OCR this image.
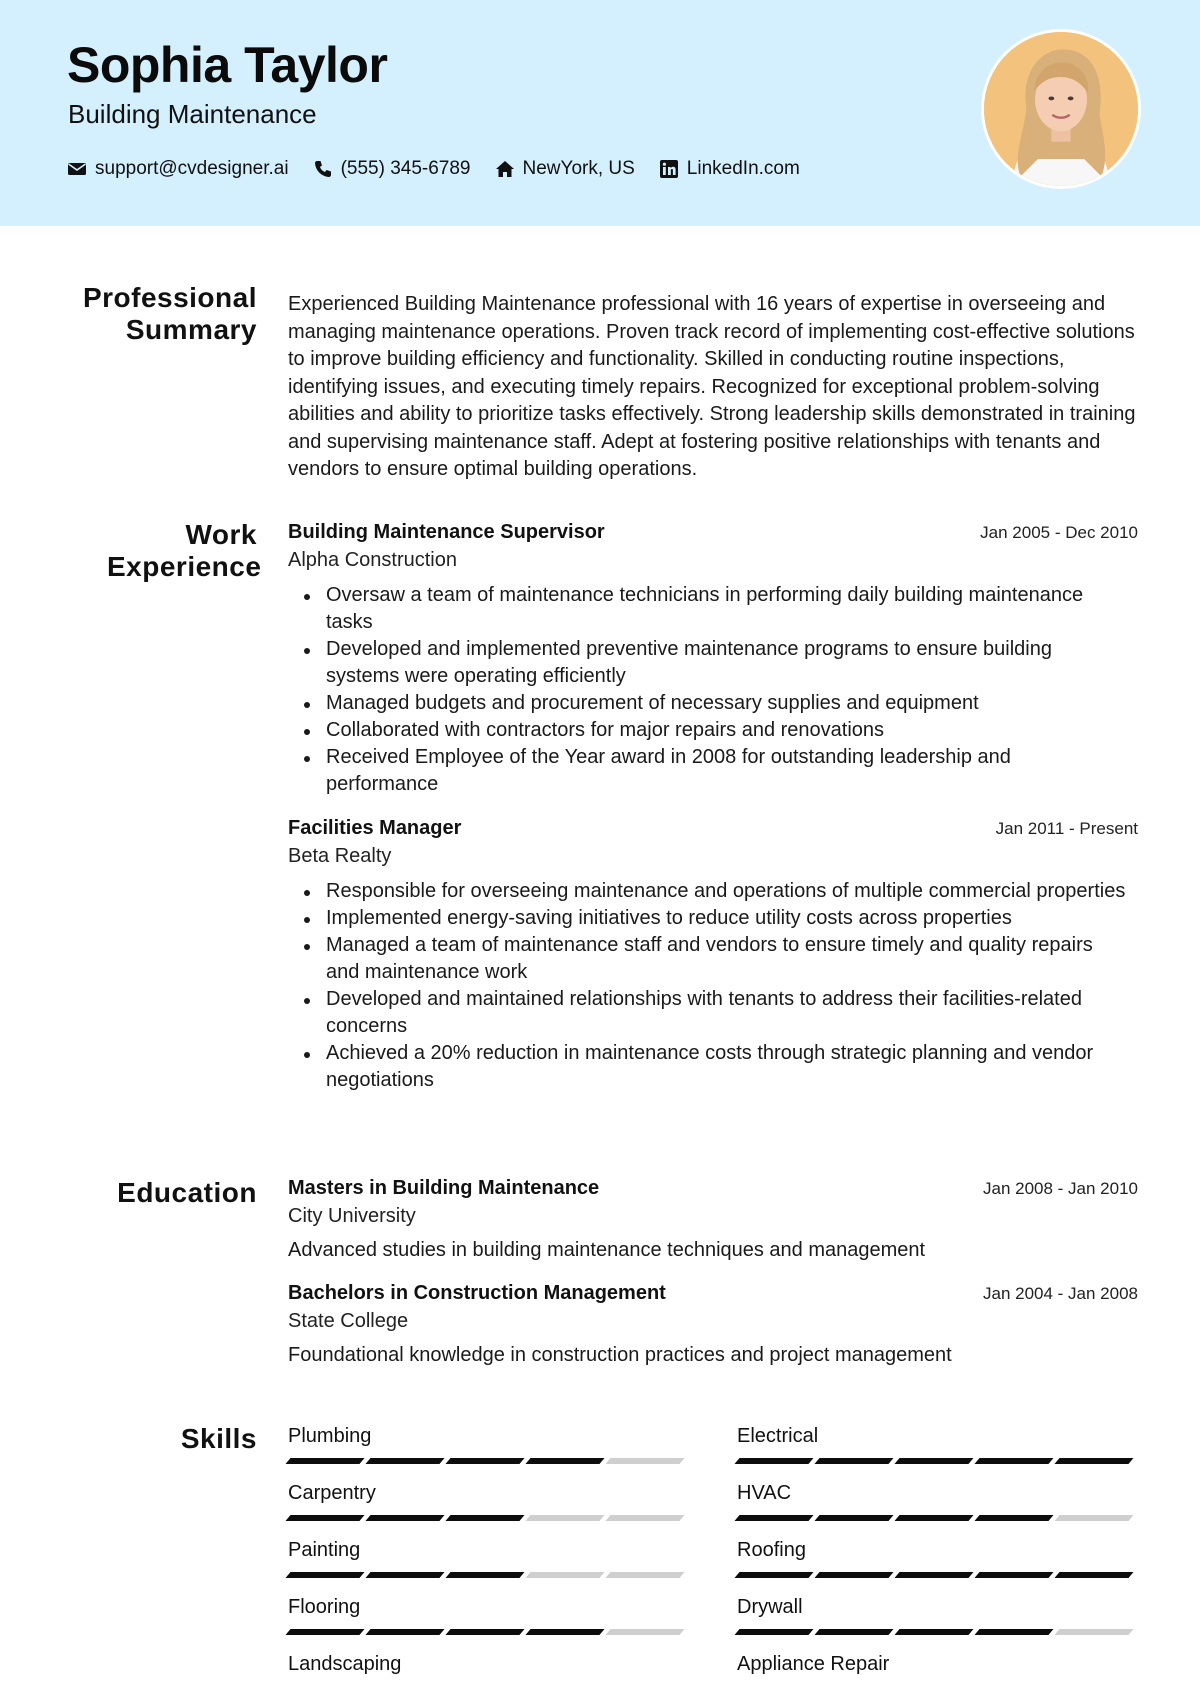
Sophia Taylor
Building Maintenance
support@cvdesigner.ai	(555) 345-6789	NewYork, US	LinkedIn.com
Professional Summary
Work Experience
Education
Skills
Experienced Building Maintenance professional with 16 years of expertise in overseeing and managing maintenance operations. Proven track record of implementing cost-effective solutions to improve building efficiency and functionality. Skilled in conducting routine inspections, identifying issues, and executing timely repairs. Recognized for exceptional problem-solving abilities and ability to prioritize tasks effectively. Strong leadership skills demonstrated in training and supervising maintenance staff. Adept at fostering positive relationships with tenants and vendors to ensure optimal building operations.
Building Maintenance Supervisor	Jan 2005 - Dec 2010
Alpha Construction
Oversaw a team of maintenance technicians in performing daily building maintenance tasks
Developed and implemented preventive maintenance programs to ensure building systems were operating efficiently
Managed budgets and procurement of necessary supplies and equipment
Collaborated with contractors for major repairs and renovations
Received Employee of the Year award in 2008 for outstanding leadership and performance
Facilities Manager	Jan 2011 - Present
Beta Realty
Responsible for overseeing maintenance and operations of multiple commercial properties
Implemented energy-saving initiatives to reduce utility costs across properties
Managed a team of maintenance staff and vendors to ensure timely and quality repairs and maintenance work
Developed and maintained relationships with tenants to address their facilities-related concerns
Achieved a 20% reduction in maintenance costs through strategic planning and vendor negotiations
Masters in Building Maintenance	Jan 2008 - Jan 2010
City University
Advanced studies in building maintenance techniques and management
Bachelors in Construction Management	Jan 2004 - Jan 2008
State College
Foundational knowledge in construction practices and project management
Plumbing	Electrical
Carpentry	HVAC
Painting	Roofing
Flooring	Drywall
Landscaping	Appliance Repair
